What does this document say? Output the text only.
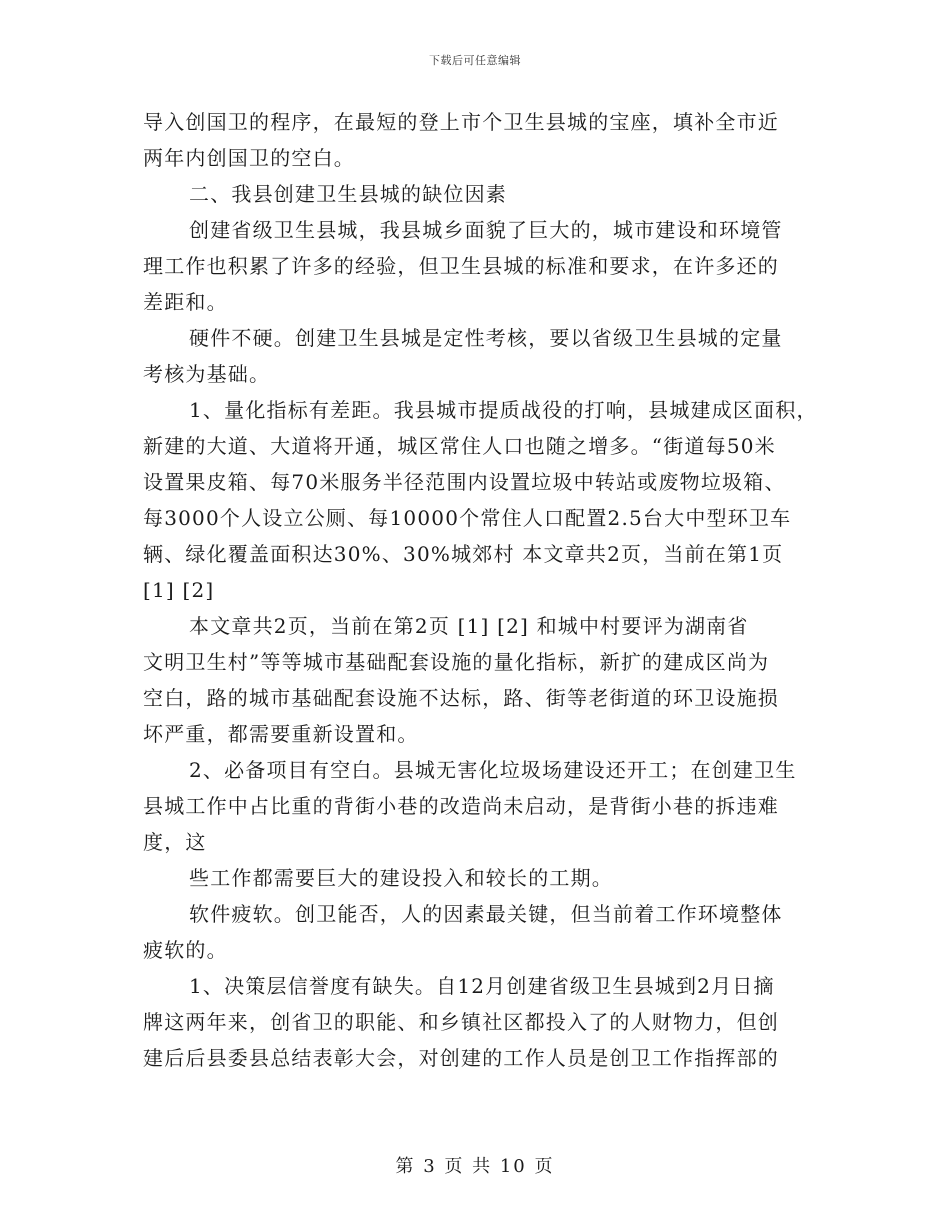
下载后可任意编辑
导入创国卫的程序，在最短的登上市个卫生县城的宝座，填补全市近
两年内创国卫的空白。
二、我县创建卫生县城的缺位因素
创建省级卫生县城，我县城乡面貌了巨大的，城市建设和环境管
理工作也积累了许多的经验，但卫生县城的标准和要求，在许多还的
差距和。
硬件不硬。创建卫生县城是定性考核，要以省级卫生县城的定量
考核为基础。
1、量化指标有差距。我县城市提质战役的打响，县城建成区面积，
新建的大道、大道将开通，城区常住人口也随之增多。“街道每50米
设置果皮箱、每70米服务半径范围内设置垃圾中转站或废物垃圾箱、
每3000个人设立公厕、每10000个常住人口配置2.5台大中型环卫车
辆、绿化覆盖面积达30%、30%城郊村 本文章共2页，当前在第1页
[1] [2]
本文章共2页，当前在第2页 [1] [2] 和城中村要评为湖南省
文明卫生村”等等城市基础配套设施的量化指标，新扩的建成区尚为
空白，路的城市基础配套设施不达标，路、街等老街道的环卫设施损
坏严重，都需要重新设置和。
2、必备项目有空白。县城无害化垃圾场建设还开工；在创建卫生
县城工作中占比重的背街小巷的改造尚未启动，是背街小巷的拆违难
度，这
些工作都需要巨大的建设投入和较长的工期。
软件疲软。创卫能否，人的因素最关键，但当前着工作环境整体
疲软的。
1、决策层信誉度有缺失。自12月创建省级卫生县城到2月日摘
牌这两年来，创省卫的职能、和乡镇社区都投入了的人财物力，但创
建后后县委县总结表彰大会，对创建的工作人员是创卫工作指挥部的
第 3 页 共 10 页
